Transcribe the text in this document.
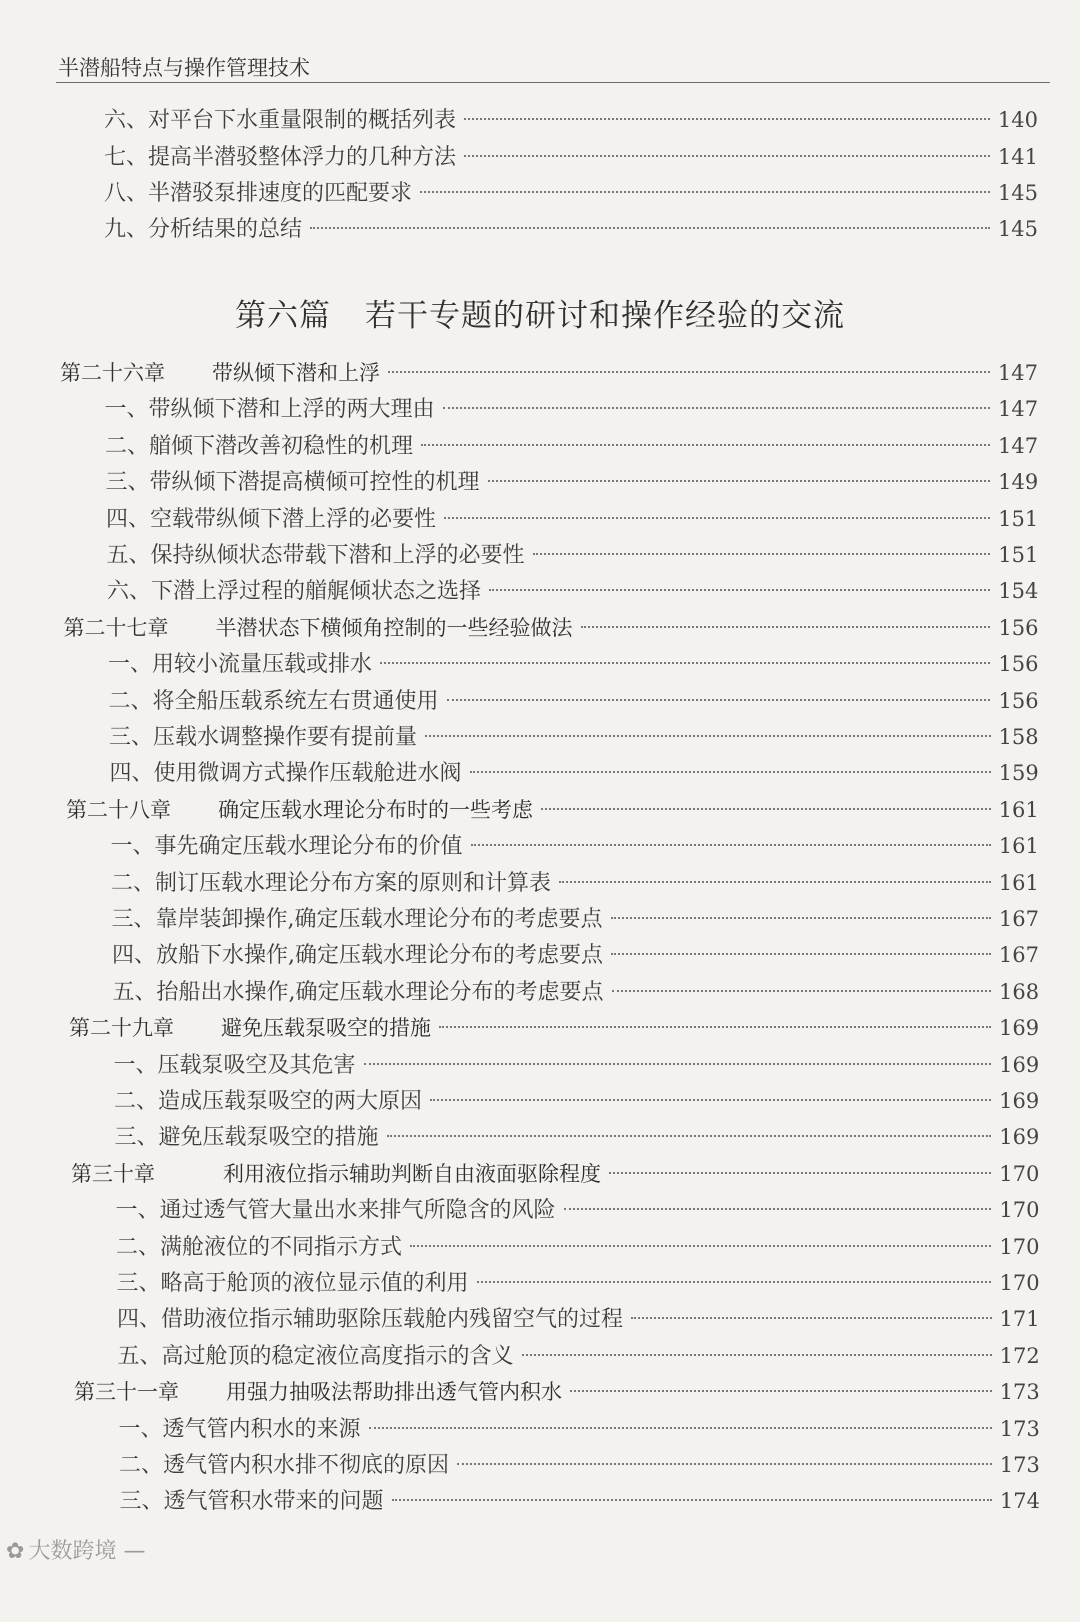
半潜船特点与操作管理技术
第六篇 若干专题的研讨和操作经验的交流
六、对平台下水重量限制的概括列表	140
七、提高半潜驳整体浮力的几种方法	141
八、半潜驳泵排速度的匹配要求	145
九、分析结果的总结	145
第二十六章 带纵倾下潜和上浮	147
一、带纵倾下潜和上浮的两大理由	147
二、艏倾下潜改善初稳性的机理	147
三、带纵倾下潜提高横倾可控性的机理	149
四、空载带纵倾下潜上浮的必要性	151
五、保持纵倾状态带载下潜和上浮的必要性	151
六、下潜上浮过程的艏艉倾状态之选择	154
第二十七章 半潜状态下横倾角控制的一些经验做法	156
一、用较小流量压载或排水	156
二、将全船压载系统左右贯通使用	156
三、压载水调整操作要有提前量	158
四、使用微调方式操作压载舱进水阀	159
第二十八章 确定压载水理论分布时的一些考虑	161
一、事先确定压载水理论分布的价值	161
二、制订压载水理论分布方案的原则和计算表	161
三、靠岸装卸操作,确定压载水理论分布的考虑要点	167
四、放船下水操作,确定压载水理论分布的考虑要点	167
五、抬船出水操作,确定压载水理论分布的考虑要点	168
第二十九章 避免压载泵吸空的措施	169
一、压载泵吸空及其危害	169
二、造成压载泵吸空的两大原因	169
三、避免压载泵吸空的措施	169
第三十章	利用液位指示辅助判断自由液面驱除程度	170
一、通过透气管大量出水来排气所隐含的风险	170
二、满舱液位的不同指示方式	170
三、略高于舱顶的液位显示值的利用	170
四、借助液位指示辅助驱除压载舱内残留空气的过程	171
五、高过舱顶的稳定液位高度指示的含义	172
第三十一章 用强力抽吸法帮助排出透气管内积水	173
一、透气管内积水的来源	173
二、透气管内积水排不彻底的原因	173
三、透气管积水带来的问题	174
✿ 大数跨境 —
